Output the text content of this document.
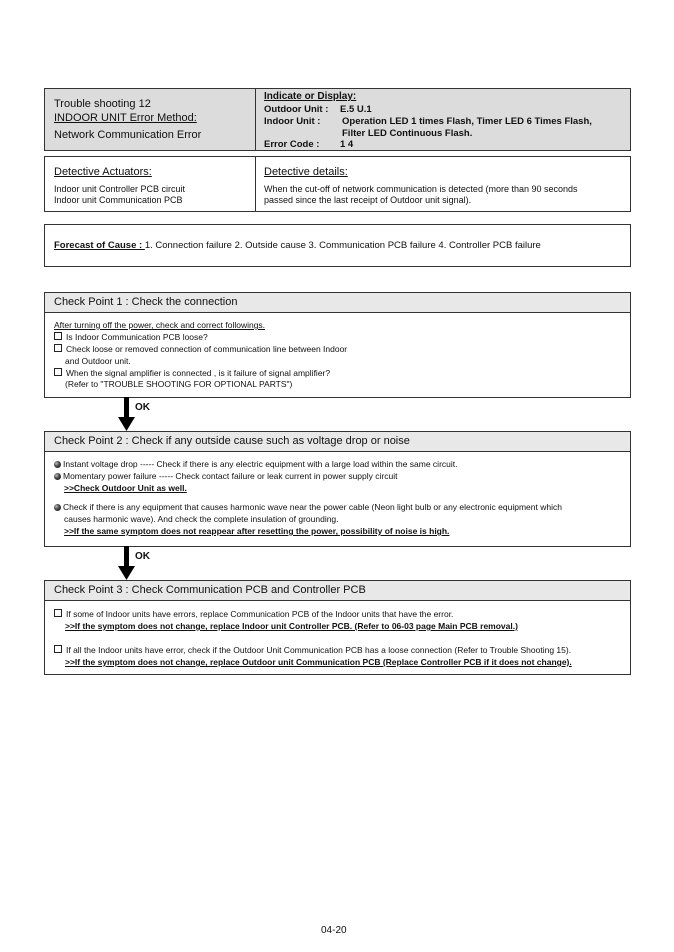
Trouble shooting 12
INDOOR UNIT Error Method:
Network Communication Error
Indicate or Display:
Outdoor Unit : E.5 U.1
Indoor Unit : Operation LED 1 times Flash, Timer LED 6 Times Flash,
Filter LED Continuous Flash.
Error Code : 1 4
Detective Actuators:
Indoor unit Controller PCB circuit
Indoor unit Communication PCB
Detective details:
When the cut-off of network communication is detected (more than 90 seconds
passed since the last receipt of Outdoor unit signal).
Forecast of Cause : 1. Connection failure 2. Outside cause 3. Communication PCB failure 4. Controller PCB failure
Check Point 1 : Check the connection
After turning off the power, check and correct followings.
Is Indoor Communication PCB loose?
Check loose or removed connection of communication line between Indoor
and Outdoor unit.
When the signal amplifier is connected , is it failure of signal amplifier?
(Refer to "TROUBLE SHOOTING FOR OPTIONAL PARTS")
OK
Check Point 2 : Check if any outside cause such as voltage drop or noise
Instant voltage drop ----- Check if there is any electric equipment with a large load within the same circuit.
Momentary power failure ----- Check contact failure or leak current in power supply circuit
>>Check Outdoor Unit as well.
Check if there is any equipment that causes harmonic wave near the power cable (Neon light bulb or any electronic equipment which
causes harmonic wave). And check the complete insulation of grounding.
>>If the same symptom does not reappear after resetting the power, possibility of noise is high.
OK
Check Point 3 : Check Communication PCB and Controller PCB
If some of Indoor units have errors, replace Communication PCB of the Indoor units that have the error.
>>If the symptom does not change, replace Indoor unit Controller PCB. (Refer to 06-03 page Main PCB removal.)
If all the Indoor units have error, check if the Outdoor Unit Communication PCB has a loose connection (Refer to Trouble Shooting 15).
>>If the symptom does not change, replace Outdoor unit Communication PCB (Replace Controller PCB if it does not change).
04-20
